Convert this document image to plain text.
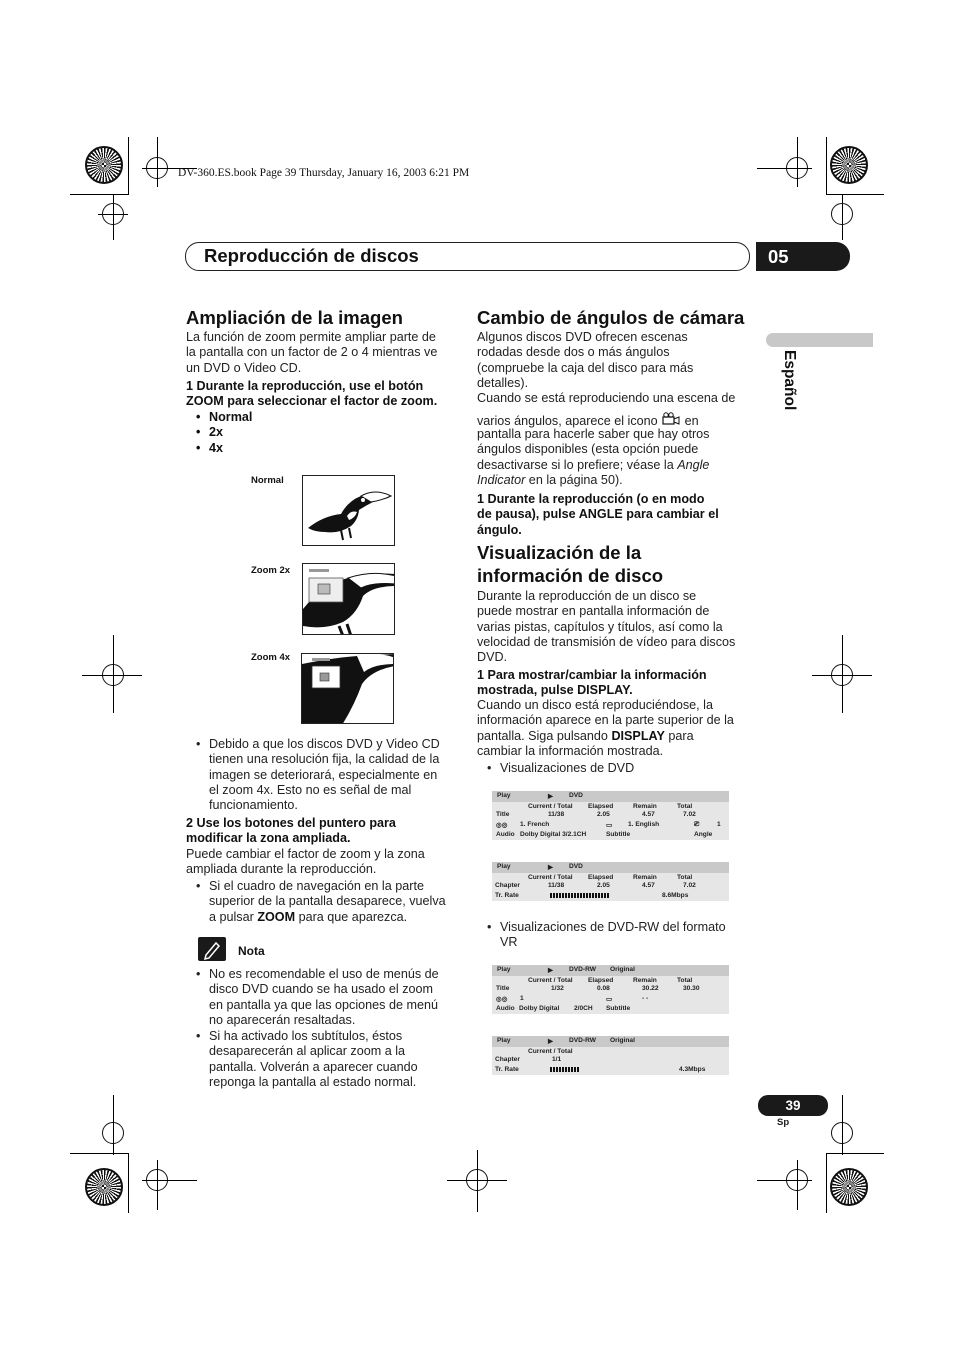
DV-360.ES.book Page 39 Thursday, January 16, 2003 6:21 PM
Reproducción de discos	05
Español
Ampliación de la imagen
La función de zoom permite ampliar parte de
la pantalla con un factor de 2 o 4 mientras ve
un DVD o Video CD.
1 Durante la reproducción, use el botón
ZOOM para seleccionar el factor de zoom.
• Normal
• 2x
• 4x
Normal
Zoom 2x
Zoom 4x
• Debido a que los discos DVD y Video CD
tienen una resolución fija, la calidad de la
imagen se deteriorará, especialmente en
el zoom 4x. Esto no es señal de mal
funcionamiento.
2 Use los botones del puntero para
modificar la zona ampliada.
Puede cambiar el factor de zoom y la zona
ampliada durante la reproducción.
• Si el cuadro de navegación en la parte
superior de la pantalla desaparece, vuelva
a pulsar ZOOM para que aparezca.
Nota
• No es recomendable el uso de menús de
disco DVD cuando se ha usado el zoom
en pantalla ya que las opciones de menú
no aparecerán resaltadas.
• Si ha activado los subtítulos, éstos
desaparecerán al aplicar zoom a la
pantalla. Volverán a aparecer cuando
reponga la pantalla al estado normal.
Cambio de ángulos de cámara
Algunos discos DVD ofrecen escenas
rodadas desde dos o más ángulos
(compruebe la caja del disco para más
detalles).
Cuando se está reproduciendo una escena de
varios ángulos, aparece el icono en
pantalla para hacerle saber que hay otros
ángulos disponibles (esta opción puede
desactivarse si lo prefiere; véase la Angle
Indicator en la página 50).
1 Durante la reproducción (o en modo
de pausa), pulse ANGLE para cambiar el
ángulo.
Visualización de la
información de disco
Durante la reproducción de un disco se
puede mostrar en pantalla información de
varias pistas, capítulos y títulos, así como la
velocidad de transmisión de vídeo para discos
DVD.
1 Para mostrar/cambiar la información
mostrada, pulse DISPLAY.
Cuando un disco está reproduciéndose, la
información aparece en la parte superior de la
pantalla. Siga pulsando DISPLAY para
cambiar la información mostrada.
• Visualizaciones de DVD
Play	▶ DVD
Current / Total Elapsed	Remain	Total
Title	11/38	2.05	4.57	7.02
◎◎ 1. French	▭ 1. English	⎚	1
Audio Dolby Digital 3/2.1CH	Subtitle	Angle
Play	▶ DVD
Current / Total Elapsed	Remain	Total
Chapter	11/38	2.05	4.57	7.02
Tr. Rate	8.6Mbps
• Visualizaciones de DVD-RW del formato
VR
Play	▶ DVD-RW Original
Current / Total Elapsed	Remain	Total
Title	1/32	0.08	30.22	30.30
◎◎ 1	▭	- -
Audio Dolby Digital 2/0CH Subtitle
Play	▶ DVD-RW Original
Current / Total
Chapter	1/1
Tr. Rate	4.3Mbps
39
Sp
